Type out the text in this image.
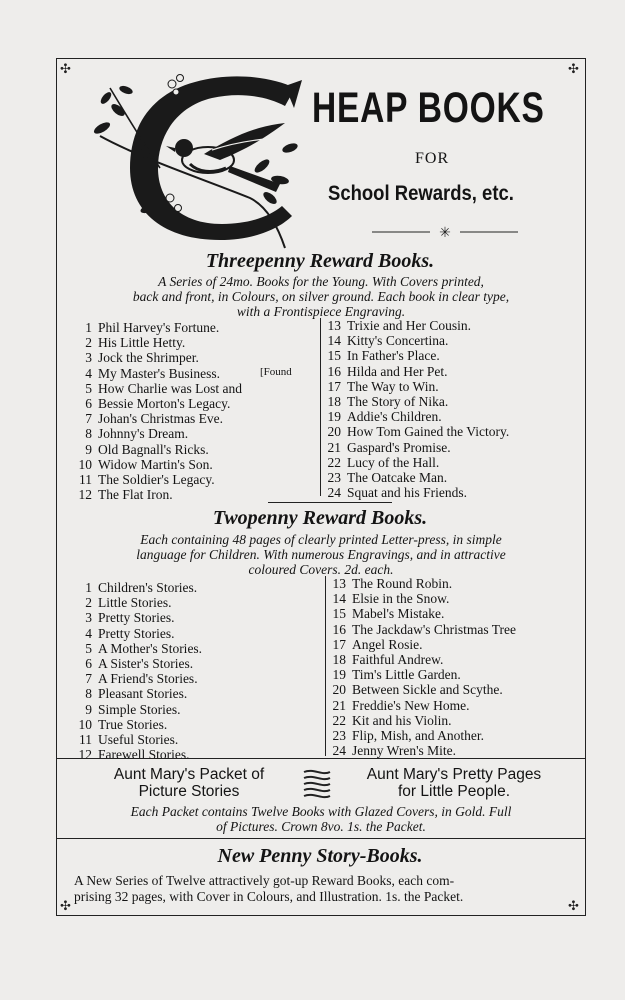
✣	✣
✣	✣
HEAP BOOKS
FOR
School Rewards, etc.
✳
Threepenny Reward Books.
A Series of 24mo. Books for the Young. With Covers printed,
back and front, in Colours, on silver ground. Each book in clear type,
with a Frontispiece Engraving.
1 Phil Harvey's Fortune.
2 His Little Hetty.
3 Jock the Shrimper.
4 My Master's Business.
5 How Charlie was Lost and
6 Bessie Morton's Legacy.
7 Johan's Christmas Eve.
8 Johnny's Dream.
9 Old Bagnall's Ricks.
10 Widow Martin's Son.
11 The Soldier's Legacy.
12 The Flat Iron.
13 Trixie and Her Cousin.
14 Kitty's Concertina.
15 In Father's Place.
16 Hilda and Her Pet.
17 The Way to Win.
18 The Story of Nika.
19 Addie's Children.
20 How Tom Gained the Victory.
21 Gaspard's Promise.
22 Lucy of the Hall.
23 The Oatcake Man.
24 Squat and his Friends.
[Found
Twopenny Reward Books.
Each containing 48 pages of clearly printed Letter-press, in simple
language for Children. With numerous Engravings, and in attractive
coloured Covers. 2d. each.
1 Children's Stories.
2 Little Stories.
3 Pretty Stories.
4 Pretty Stories.
5 A Mother's Stories.
6 A Sister's Stories.
7 A Friend's Stories.
8 Pleasant Stories.
9 Simple Stories.
10 True Stories.
11 Useful Stories.
12 Farewell Stories.
13 The Round Robin.
14 Elsie in the Snow.
15 Mabel's Mistake.
16 The Jackdaw's Christmas Tree
17 Angel Rosie.
18 Faithful Andrew.
19 Tim's Little Garden.
20 Between Sickle and Scythe.
21 Freddie's New Home.
22 Kit and his Violin.
23 Flip, Mish, and Another.
24 Jenny Wren's Mite.
Aunt Mary's Packet of
Picture Stories
Aunt Mary's Pretty Pages
for Little People.
Each Packet contains Twelve Books with Glazed Covers, in Gold. Full
of Pictures. Crown 8vo. 1s. the Packet.
New Penny Story-Books.
A New Series of Twelve attractively got-up Reward Books, each com-
prising 32 pages, with Cover in Colours, and Illustration. 1s. the Packet.
